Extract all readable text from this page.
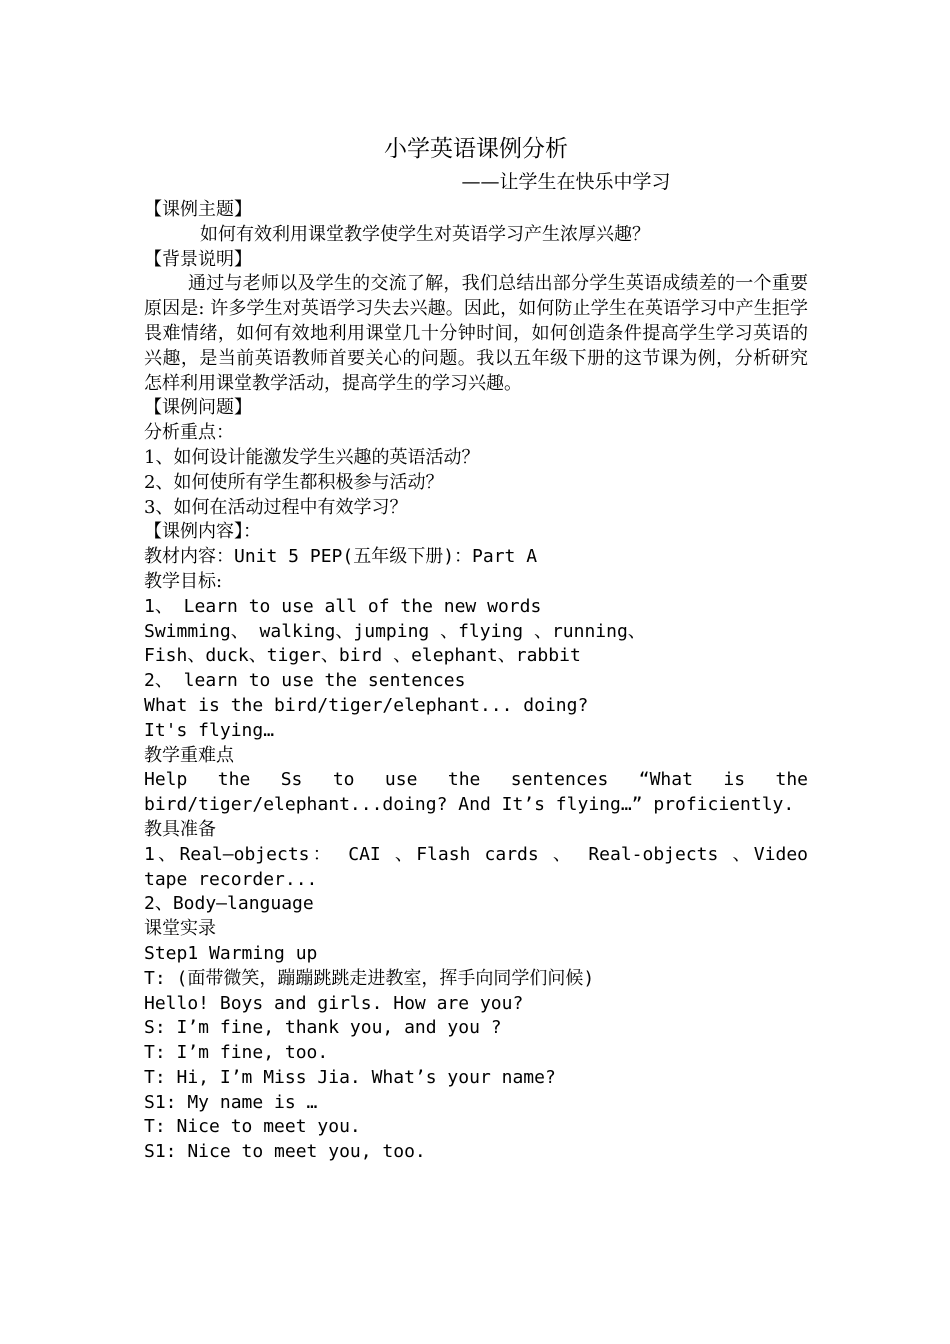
小学英语课例分析
——让学生在快乐中学习
【课例主题】
如何有效利用课堂教学使学生对英语学习产生浓厚兴趣？
【背景说明】
通过与老师以及学生的交流了解，我们总结出部分学生英语成绩差的一个重要原因是: 许多学生对英语学习失去兴趣。因此，如何防止学生在英语学习中产生拒学畏难情绪，如何有效地利用课堂几十分钟时间，如何创造条件提高学生学习英语的兴趣，是当前英语教师首要关心的问题。我以五年级下册的这节课为例，分析研究怎样利用课堂教学活动，提高学生的学习兴趣。
【课例问题】
分析重点：
1、如何设计能激发学生兴趣的英语活动？
2、如何使所有学生都积极参与活动？
3、如何在活动过程中有效学习？
【课例内容】：
教材内容：Unit 5 PEP(五年级下册)：Part A
教学目标:
1、 Learn to use all of the new words
Swimming、 walking、jumping 、flying 、running、
Fish、duck、tiger、bird 、elephant、rabbit
2、 learn to use the sentences
What is the bird/tiger/elephant... doing?
It's flying…
教学重难点
Help the Ss to use the sentences “What is the bird/tiger/elephant...doing? And It’s flying…” proficiently.
教具准备
1、Real—objects： CAI 、Flash cards 、 Real-objects 、Video tape recorder...
2、Body—language
课堂实录
Step1 Warming up
T: (面带微笑，蹦蹦跳跳走进教室，挥手向同学们问候)
Hello! Boys and girls. How are you?
S: I’m fine, thank you, and you ?
T: I’m fine, too.
T: Hi, I’m Miss Jia. What’s your name?
S1: My name is …
T: Nice to meet you.
S1: Nice to meet you, too.
